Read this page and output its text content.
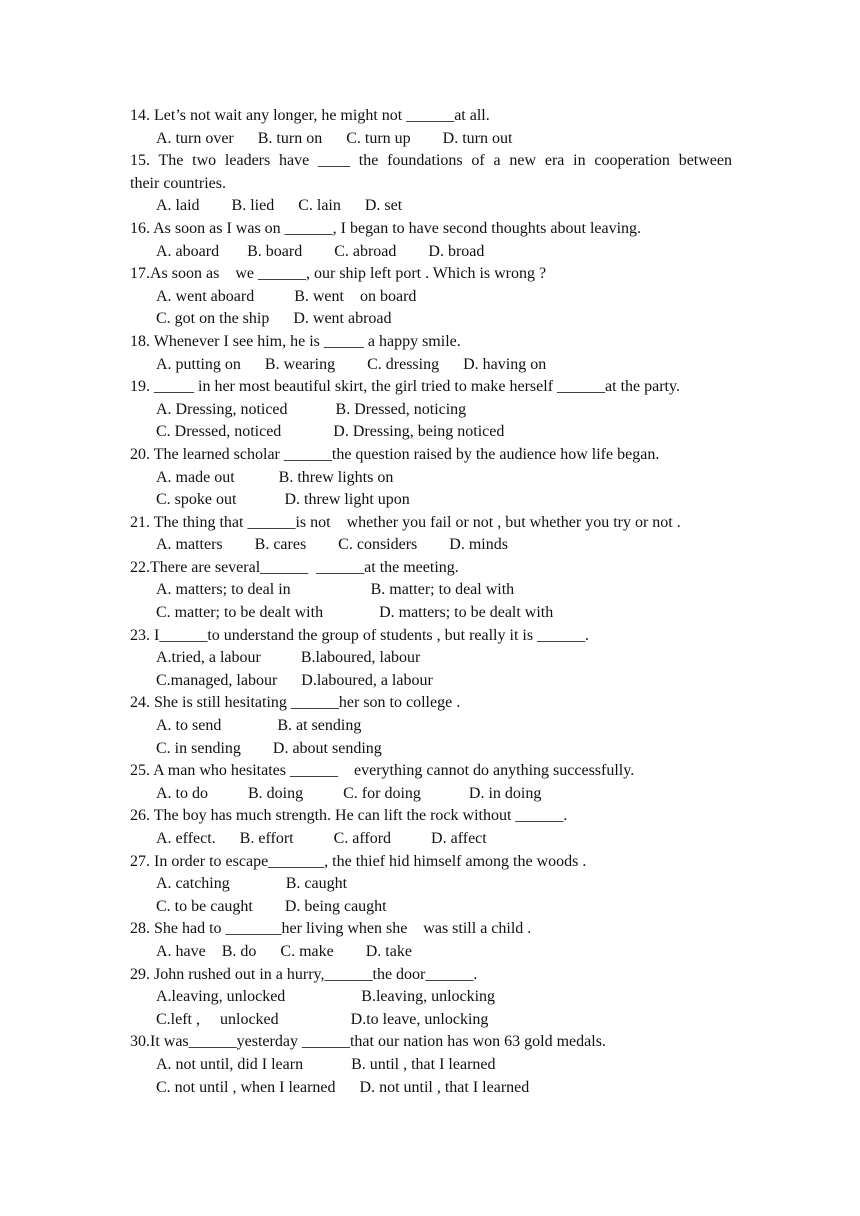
14. Let’s not wait any longer, he might not ______at all.
A. turn over      B. turn on      C. turn up        D. turn out
15. The two leaders have ____ the foundations of a new era in cooperation between
their countries.
A. laid        B. lied      C. lain      D. set
16. As soon as I was on ______, I began to have second thoughts about leaving.
A. aboard       B. board        C. abroad        D. broad
17.As soon as    we ______, our ship left port . Which is wrong ?
A. went aboard          B. went    on board
C. got on the ship      D. went abroad
18. Whenever I see him, he is _____ a happy smile.
A. putting on      B. wearing        C. dressing      D. having on
19. _____ in her most beautiful skirt, the girl tried to make herself ______at the party.
A. Dressing, noticed            B. Dressed, noticing
C. Dressed, noticed             D. Dressing, being noticed
20. The learned scholar ______the question raised by the audience how life began.
A. made out           B. threw lights on
C. spoke out            D. threw light upon
21. The thing that ______is not    whether you fail or not , but whether you try or not .
A. matters        B. cares        C. considers        D. minds
22.There are several______  ______at the meeting.
A. matters; to deal in                    B. matter; to deal with
C. matter; to be dealt with              D. matters; to be dealt with
23. I______to understand the group of students , but really it is ______.
A.tried, a labour          B.laboured, labour
C.managed, labour      D.laboured, a labour
24. She is still hesitating ______her son to college .
A. to send              B. at sending
C. in sending        D. about sending
25. A man who hesitates ______    everything cannot do anything successfully.
A. to do          B. doing          C. for doing            D. in doing
26. The boy has much strength. He can lift the rock without ______.
A. effect.      B. effort          C. afford          D. affect
27. In order to escape_______, the thief hid himself among the woods .
A. catching              B. caught
C. to be caught        D. being caught
28. She had to _______her living when she    was still a child .
A. have    B. do      C. make        D. take
29. John rushed out in a hurry,______the door______.
A.leaving, unlocked                   B.leaving, unlocking
C.left ,     unlocked                  D.to leave, unlocking
30.It was______yesterday ______that our nation has won 63 gold medals.
A. not until, did I learn            B. until , that I learned
C. not until , when I learned      D. not until , that I learned
